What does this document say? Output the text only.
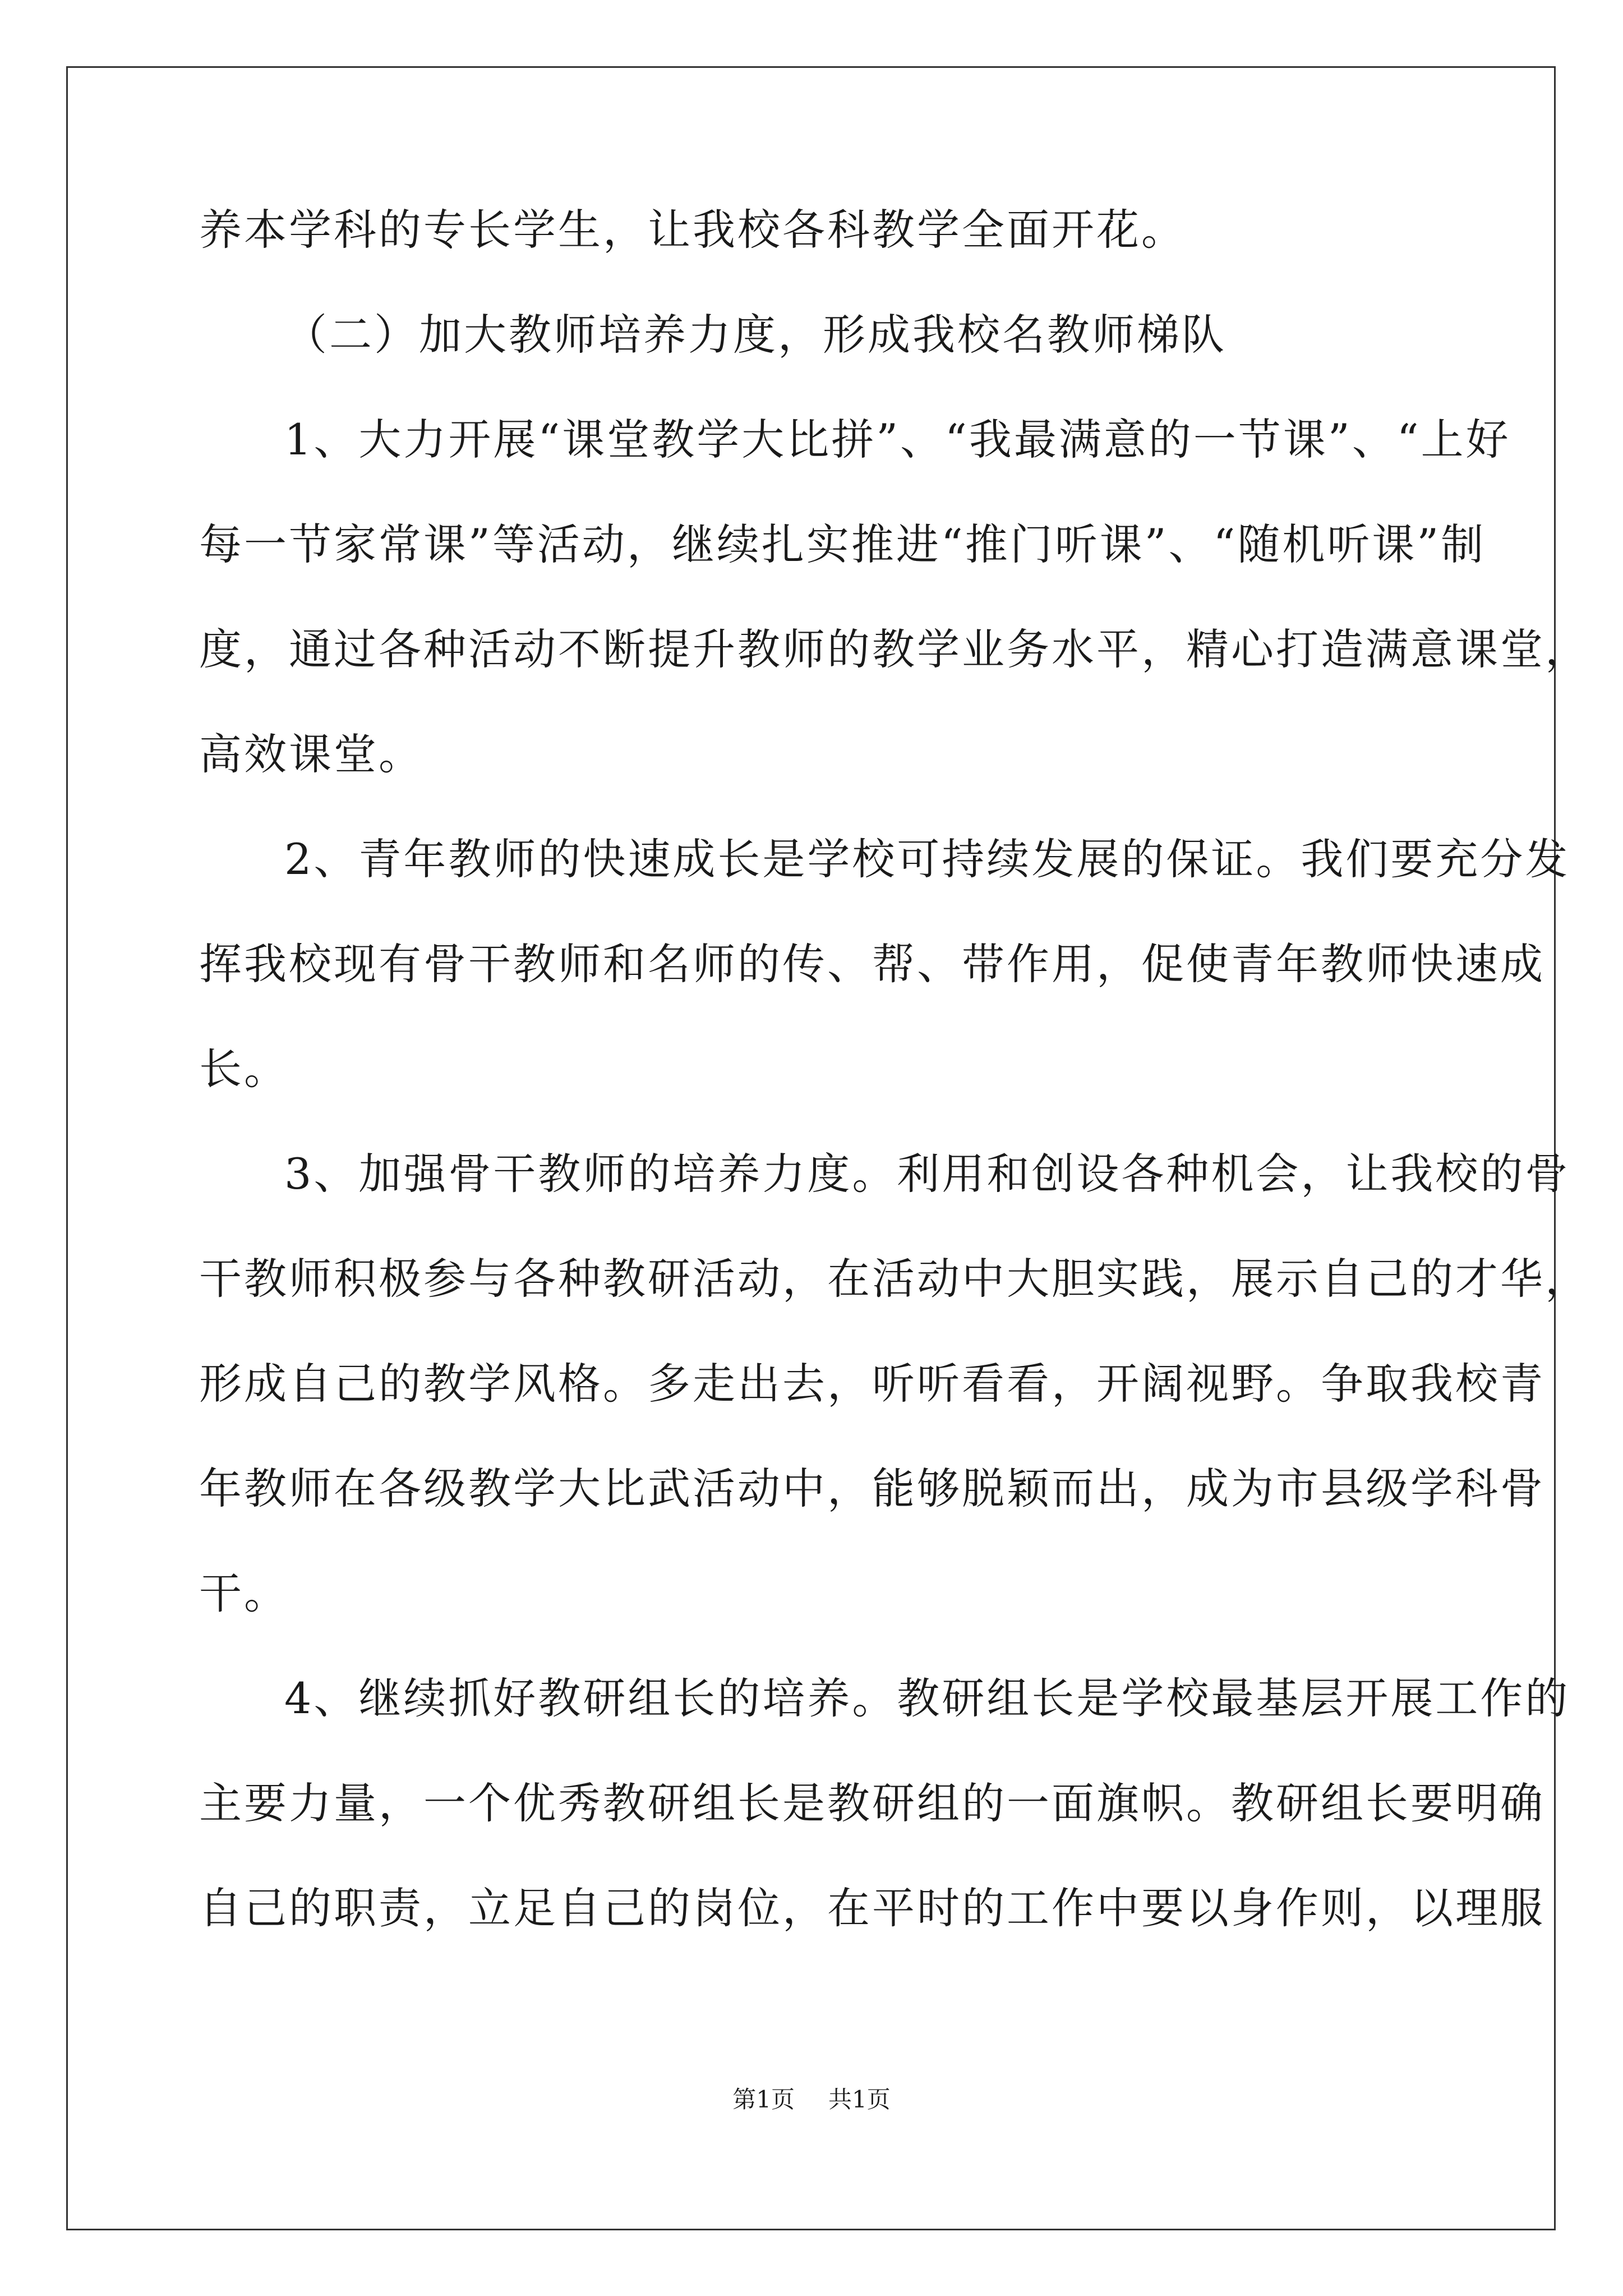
养本学科的专长学生，让我校各科教学全面开花。
（二）加大教师培养力度，形成我校名教师梯队
1、大力开展“课堂教学大比拼”、“我最满意的一节课”、“上好
每一节家常课”等活动，继续扎实推进“推门听课”、“随机听课”制
度，通过各种活动不断提升教师的教学业务水平，精心打造满意课堂，
高效课堂。
2、青年教师的快速成长是学校可持续发展的保证。我们要充分发
挥我校现有骨干教师和名师的传、帮、带作用，促使青年教师快速成
长。
3、加强骨干教师的培养力度。利用和创设各种机会，让我校的骨
干教师积极参与各种教研活动，在活动中大胆实践，展示自己的才华，
形成自己的教学风格。多走出去，听听看看，开阔视野。争取我校青
年教师在各级教学大比武活动中，能够脱颖而出，成为市县级学科骨
干。
4、继续抓好教研组长的培养。教研组长是学校最基层开展工作的
主要力量，一个优秀教研组长是教研组的一面旗帜。教研组长要明确
自己的职责，立足自己的岗位，在平时的工作中要以身作则，以理服
第1页 共1页
